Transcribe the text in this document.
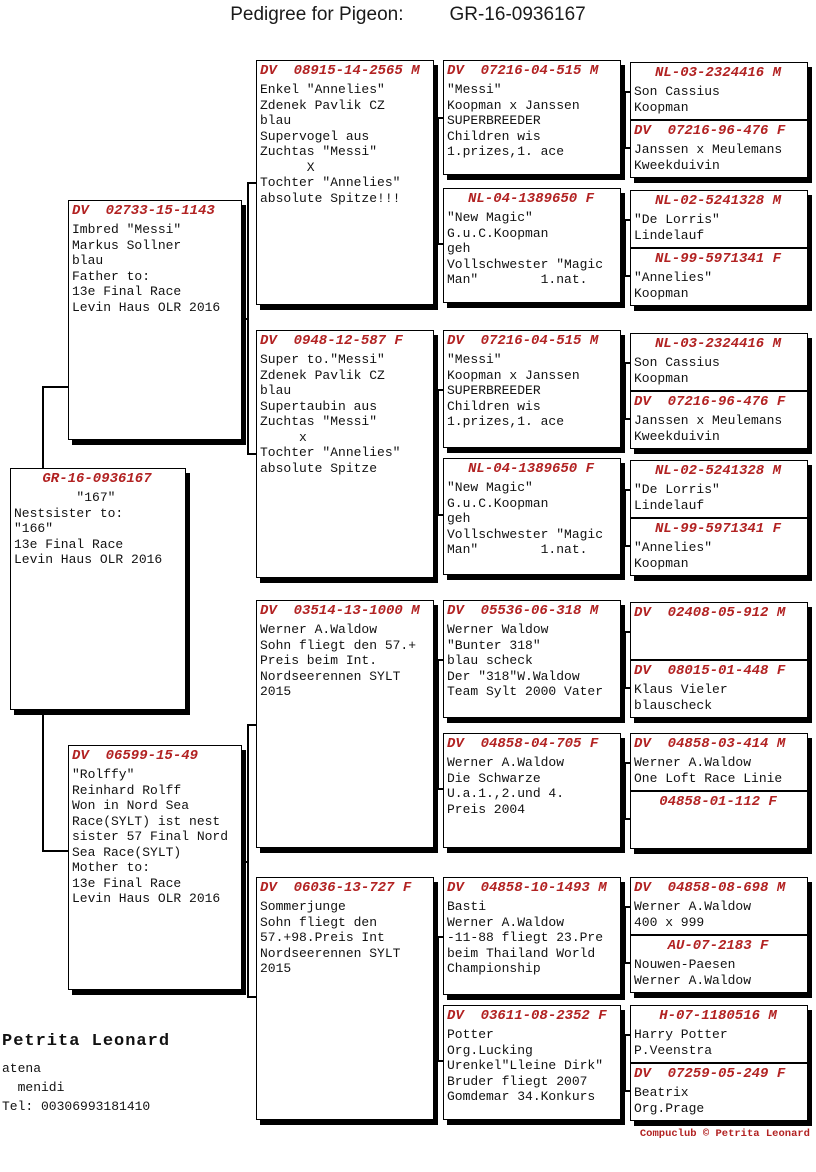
Pedigree for Pigeon: GR-16-0936167
GR-16-0936167
"167"
Nestsister to:
"166"
13e Final Race
Levin Haus OLR 2016
DV  02733-15-1143
Imbred "Messi"
Markus Sollner
blau
Father to:
13e Final Race
Levin Haus OLR 2016
DV  06599-15-49
"Rolffy"
Reinhard Rolff
Won in Nord Sea
Race(SYLT) ist nest
sister 57 Final Nord
Sea Race(SYLT)
Mother to:
13e Final Race
Levin Haus OLR 2016
DV  08915-14-2565 M
Enkel "Annelies"
Zdenek Pavlik CZ
blau
Supervogel aus
Zuchtas "Messi"
X
Tochter "Annelies"
absolute Spitze!!!
DV  0948-12-587 F
Super to."Messi"
Zdenek Pavlik CZ
blau
Supertaubin aus
Zuchtas "Messi"
x
Tochter "Annelies"
absolute Spitze
DV  03514-13-1000 M
Werner A.Waldow
Sohn fliegt den 57.+
Preis beim Int.
Nordseerennen SYLT
2015
DV  06036-13-727 F
Sommerjunge
Sohn fliegt den
57.+98.Preis Int
Nordseerennen SYLT
2015
DV  07216-04-515 M
"Messi"
Koopman x Janssen
SUPERBREEDER
Children wis
1.prizes,1. ace
NL-04-1389650 F
"New Magic"
G.u.C.Koopman
geh
Vollschwester "Magic
Man"        1.nat.
DV  07216-04-515 M
"Messi"
Koopman x Janssen
SUPERBREEDER
Children wis
1.prizes,1. ace
NL-04-1389650 F
"New Magic"
G.u.C.Koopman
geh
Vollschwester "Magic
Man"        1.nat.
DV  05536-06-318 M
Werner Waldow
"Bunter 318"
blau scheck
Der "318"W.Waldow
Team Sylt 2000 Vater
DV  04858-04-705 F
Werner A.Waldow
Die Schwarze
U.a.1.,2.und 4.
Preis 2004
DV  04858-10-1493 M
Basti
Werner A.Waldow
-11-88 fliegt 23.Pre
beim Thailand World
Championship
DV  03611-08-2352 F
Potter
Org.Lucking
Urenkel"Lleine Dirk"
Bruder fliegt 2007
Gomdemar 34.Konkurs
NL-03-2324416 M
Son Cassius
Koopman
DV  07216-96-476 F
Janssen x Meulemans
Kweekduivin
NL-02-5241328 M
"De Lorris"
Lindelauf
NL-99-5971341 F
"Annelies"
Koopman
NL-03-2324416 M
Son Cassius
Koopman
DV  07216-96-476 F
Janssen x Meulemans
Kweekduivin
NL-02-5241328 M
"De Lorris"
Lindelauf
NL-99-5971341 F
"Annelies"
Koopman
DV  02408-05-912 M
DV  08015-01-448 F
Klaus Vieler
blauscheck
DV  04858-03-414 M
Werner A.Waldow
One Loft Race Linie
04858-01-112 F
DV  04858-08-698 M
Werner A.Waldow
400 x 999
AU-07-2183 F
Nouwen-Paesen
Werner A.Waldow
H-07-1180516 M
Harry Potter
P.Veenstra
DV  07259-05-249 F
Beatrix
Org.Prage
Petrita Leonard
atena
menidi
Tel: 00306993181410
Compuclub © Petrita Leonard
